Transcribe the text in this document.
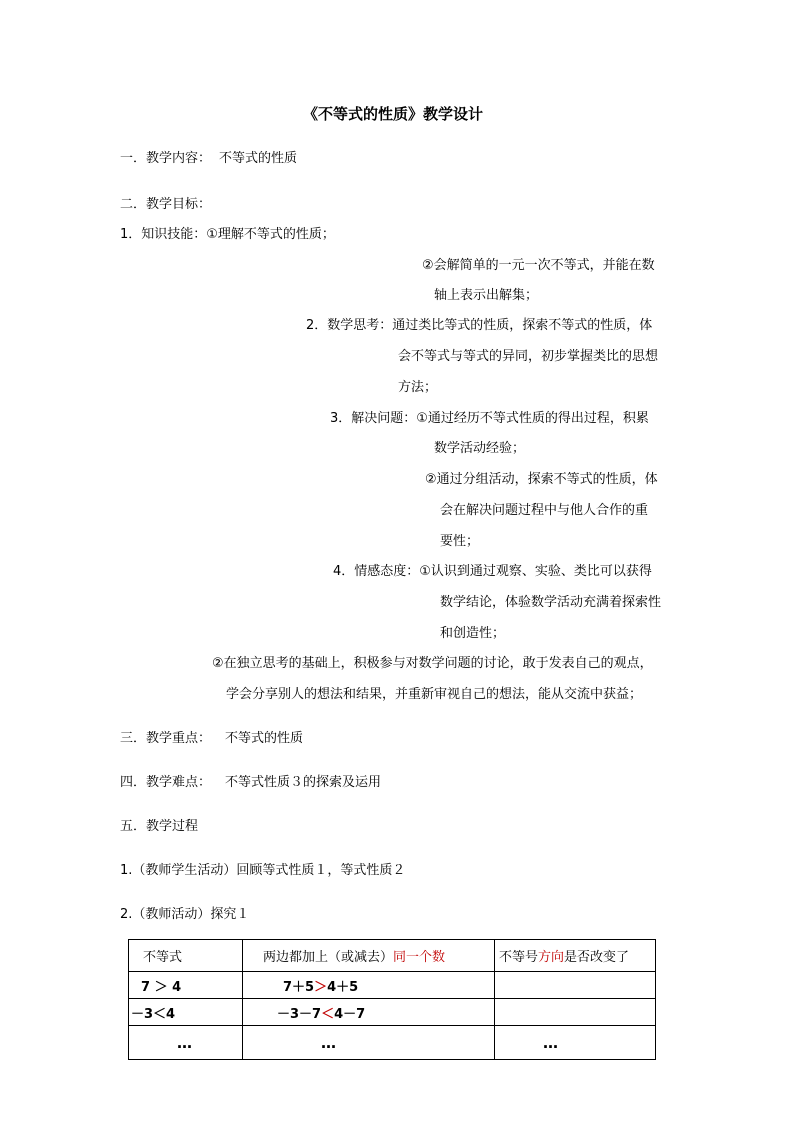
《不等式的性质》教学设计
一．教学内容： 不等式的性质
二．教学目标：
1．知识技能：①理解不等式的性质；
②会解简单的一元一次不等式，并能在数
轴上表示出解集；
2．数学思考：通过类比等式的性质，探索不等式的性质，体
会不等式与等式的异同，初步掌握类比的思想
方法；
3．解决问题：①通过经历不等式性质的得出过程，积累
数学活动经验；
②通过分组活动，探索不等式的性质，体
会在解决问题过程中与他人合作的重
要性；
4．情感态度：①认识到通过观察、实验、类比可以获得
数学结论，体验数学活动充满着探索性
和创造性；
②在独立思考的基础上，积极参与对数学问题的讨论，敢于发表自己的观点，
学会分享别人的想法和结果，并重新审视自己的想法，能从交流中获益；
三．教学重点： 不等式的性质
四．教学难点： 不等式性质３的探索及运用
五．教学过程
1.（教师学生活动）回顾等式性质１，等式性质２
2.（教师活动）探究１
不等式	两边都加上（或减去）同一个数	不等号方向是否改变了

7 ＞ 4	7＋5＞4＋5	

－3＜4	－3－7＜4－7	

…	…	…
